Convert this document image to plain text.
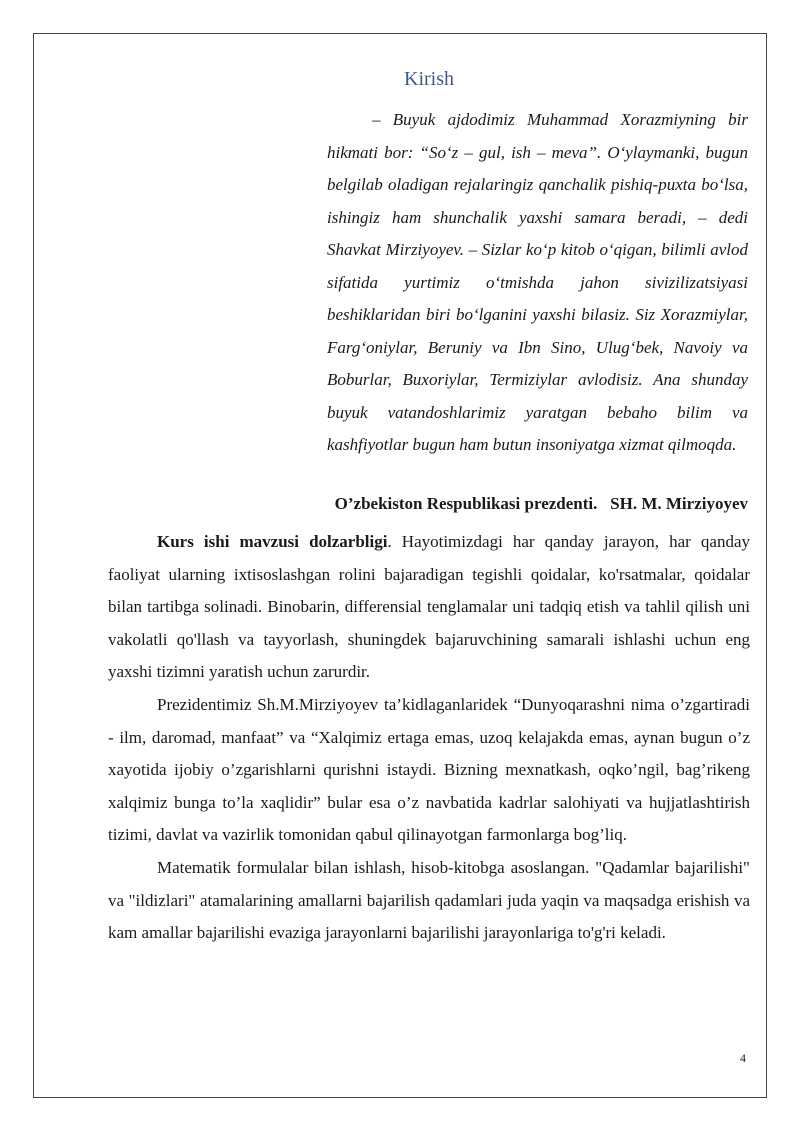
Kirish

– Buyuk ajdodimiz Muhammad Xorazmiyning bir hikmati bor: “So‘z – gul, ish – meva”. O‘ylaymanki, bugun belgilab oladigan rejalaringiz qanchalik pishiq-puxta bo‘lsa, ishingiz ham shunchalik yaxshi samara beradi, – dedi Shavkat Mirziyoyev. – Sizlar ko‘p kitob o‘qigan, bilimli avlod sifatida yurtimiz o‘tmishda jahon sivizilizatsiyasi beshiklaridan biri bo‘lganini yaxshi bilasiz. Siz Xorazmiylar, Farg‘oniylar, Beruniy va Ibn Sino, Ulug‘bek, Navoiy va Boburlar, Buxoriylar, Termiziylar avlodisiz. Ana shunday buyuk vatandoshlarimiz yaratgan bebaho bilim va kashfiyotlar bugun ham butun insoniyatga xizmat qilmoqda.

O’zbekiston Respublikasi prezdenti.   SH. M. Mirziyoyev

Kurs ishi mavzusi dolzarbligi. Hayotimizdagi har qanday jarayon, har qanday faoliyat ularning ixtisoslashgan rolini bajaradigan tegishli qoidalar, ko'rsatmalar, qoidalar bilan tartibga solinadi. Binobarin, differensial tenglamalar uni tadqiq etish va tahlil qilish uni vakolatli qo'llash va tayyorlash, shuningdek bajaruvchining samarali ishlashi uchun eng yaxshi tizimni yaratish uchun zarurdir.

Prezidentimiz Sh.M.Mirziyoyev ta’kidlaganlaridek “Dunyoqarashni nima o’zgartiradi - ilm, daromad, manfaat” va “Xalqimiz ertaga emas, uzoq kelajakda emas, aynan bugun o’z xayotida ijobiy o’zgarishlarni qurishni istaydi. Bizning mexnatkash, oqko’ngil, bag’rikeng xalqimiz bunga to’la xaqlidir” bular esa o’z navbatida kadrlar salohiyati va hujjatlashtirish tizimi, davlat va vazirlik tomonidan qabul qilinayotgan farmonlarga bog’liq.

Matematik formulalar bilan ishlash, hisob-kitobga asoslangan. "Qadamlar bajarilishi" va "ildizlari" atamalarining amallarni bajarilish qadamlari juda yaqin va maqsadga erishish va kam amallar bajarilishi evaziga jarayonlarni bajarilishi jarayonlariga to'g'ri keladi.

4
